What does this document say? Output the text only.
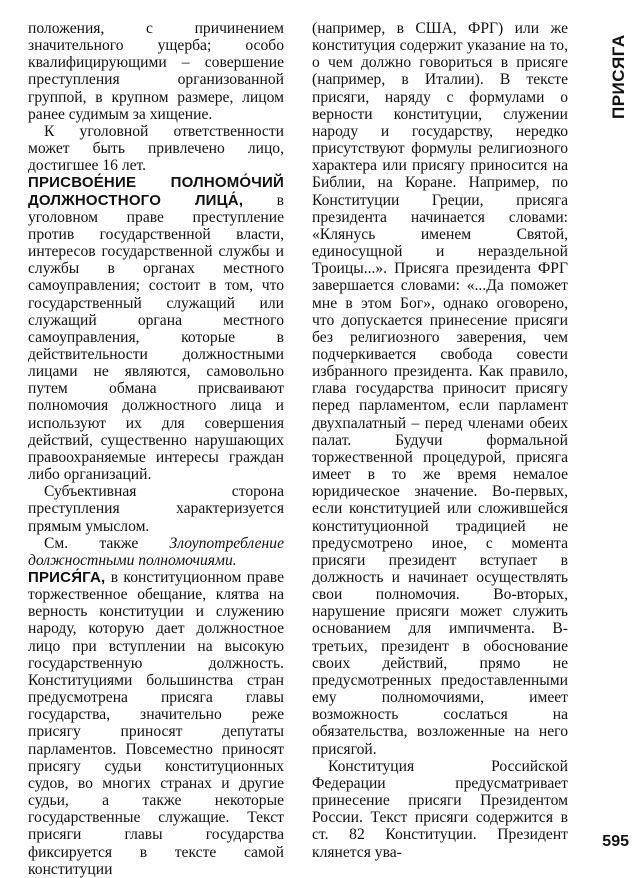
положения, с причинением значительного ущерба; особо квалифицирующими – совершение преступления организованной группой, в крупном размере, лицом ранее судимым за хищение.

К уголовной ответственности может быть привлечено лицо, достигшее 16 лет.

ПРИСВОЕ́НИЕ ПОЛНОМО́ЧИЙ ДОЛЖНОСТНОГО ЛИЦА́, в уголовном праве преступление против государственной власти, интересов государственной службы и службы в органах местного самоуправления; состоит в том, что государственный служащий или служащий органа местного самоуправления, которые в действительности должностными лицами не являются, самовольно путем обмана присваивают полномочия должностного лица и используют их для совершения действий, существенно нарушающих правоохраняемые интересы граждан либо организаций.

Субъективная сторона преступления характеризуется прямым умыслом.

См. также Злоупотребление должностными полномочиями.

ПРИСЯ́ГА, в конституционном праве торжественное обещание, клятва на верность конституции и служению народу, которую дает должностное лицо при вступлении на высокую государственную должность. Конституциями большинства стран предусмотрена присяга главы государства, значительно реже присягу приносят депутаты парламентов. Повсеместно приносят присягу судьи конституционных судов, во многих странах и другие судьи, а также некоторые государственные служащие. Текст присяги главы государства фиксируется в тексте самой конституции

(например, в США, ФРГ) или же конституция содержит указание на то, о чем должно говориться в присяге (например, в Италии). В тексте присяги, наряду с формулами о верности конституции, служении народу и государству, нередко присутствуют формулы религиозного характера или присягу приносится на Библии, на Коране. Например, по Конституции Греции, присяга президента начинается словами: «Клянусь именем Святой, единосущной и нераздельной Троицы...». Присяга президента ФРГ завершается словами: «...Да поможет мне в этом Бог», однако оговорено, что допускается принесение присяги без религиозного заверения, чем подчеркивается свобода совести избранного президента. Как правило, глава государства приносит присягу перед парламентом, если парламент двухпалатный – перед членами обеих палат. Будучи формальной торжественной процедурой, присяга имеет в то же время немалое юридическое значение. Во-первых, если конституцией или сложившейся конституционной традицией не предусмотрено иное, с момента присяги президент вступает в должность и начинает осуществлять свои полномочия. Во-вторых, нарушение присяги может служить основанием для импичмента. В-третьих, президент в обоснование своих действий, прямо не предусмотренных предоставленными ему полномочиями, имеет возможность сослаться на обязательства, возложенные на него присягой.

Конституция Российской Федерации предусматривает принесение присяги Президентом России. Текст присяги содержится в ст. 82 Конституции. Президент клянется ува-

ПРИСЯГА
595
